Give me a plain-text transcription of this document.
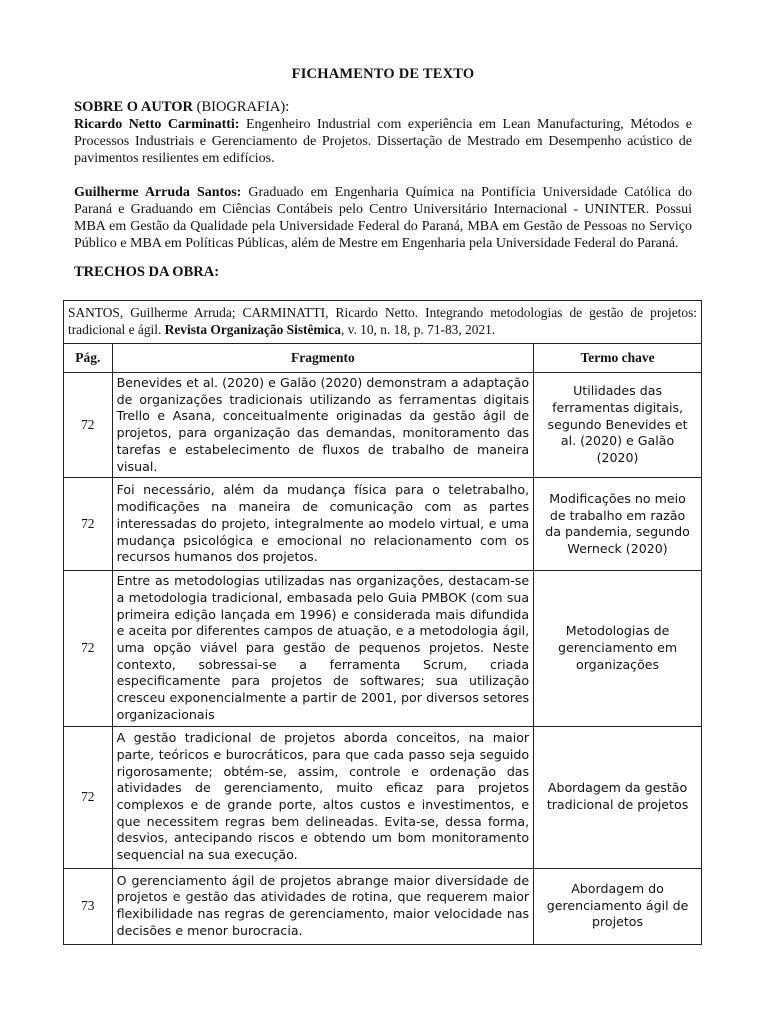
FICHAMENTO DE TEXTO

SOBRE O AUTOR (BIOGRAFIA):

Ricardo Netto Carminatti: Engenheiro Industrial com experiência em Lean Manufacturing, Métodos e Processos Industriais e Gerenciamento de Projetos. Dissertação de Mestrado em Desempenho acústico de pavimentos resilientes em edifícios.

Guilherme Arruda Santos: Graduado em Engenharia Química na Pontifícia Universidade Católica do Paraná e Graduando em Ciências Contábeis pelo Centro Universitário Internacional - UNINTER. Possui MBA em Gestão da Qualidade pela Universidade Federal do Paraná, MBA em Gestão de Pessoas no Serviço Público e MBA em Políticas Públicas, além de Mestre em Engenharia pela Universidade Federal do Paraná.

TRECHOS DA OBRA:

SANTOS, Guilherme Arruda; CARMINATTI, Ricardo Netto. Integrando metodologias de gestão de projetos: tradicional e ágil. Revista Organização Sistêmica, v. 10, n. 18, p. 71-83, 2021.		
Pág.	Fragmento	Termo chave
72	Benevides et al. (2020) e Galão (2020) demonstram a adaptação de organizações tradicionais utilizando as ferramentas digitais Trello e Asana, conceitualmente originadas da gestão ágil de projetos, para organização das demandas, monitoramento das tarefas e estabelecimento de fluxos de trabalho de maneira visual.	Utilidades das ferramentas digitais, segundo Benevides et al. (2020) e Galão (2020)
72	Foi necessário, além da mudança física para o teletrabalho, modificações na maneira de comunicação com as partes interessadas do projeto, integralmente ao modelo virtual, e uma mudança psicológica e emocional no relacionamento com os recursos humanos dos projetos.	Modificações no meio de trabalho em razão da pandemia, segundo Werneck (2020)
72	Entre as metodologias utilizadas nas organizações, destacam-se a metodologia tradicional, embasada pelo Guia PMBOK (com sua primeira edição lançada em 1996) e considerada mais difundida e aceita por diferentes campos de atuação, e a metodologia ágil, uma opção viável para gestão de pequenos projetos. Neste contexto, sobressai-se a ferramenta Scrum, criada especificamente para projetos de softwares; sua utilização cresceu exponencialmente a partir de 2001, por diversos setores organizacionais	Metodologias de gerenciamento em organizações
72	A gestão tradicional de projetos aborda conceitos, na maior parte, teóricos e burocráticos, para que cada passo seja seguido rigorosamente; obtém-se, assim, controle e ordenação das atividades de gerenciamento, muito eficaz para projetos complexos e de grande porte, altos custos e investimentos, e que necessitem regras bem delineadas. Evita-se, dessa forma, desvios, antecipando riscos e obtendo um bom monitoramento sequencial na sua execução.	Abordagem da gestão tradicional de projetos
73	O gerenciamento ágil de projetos abrange maior diversidade de projetos e gestão das atividades de rotina, que requerem maior flexibilidade nas regras de gerenciamento, maior velocidade nas decisões e menor burocracia.	Abordagem do gerenciamento ágil de projetos
